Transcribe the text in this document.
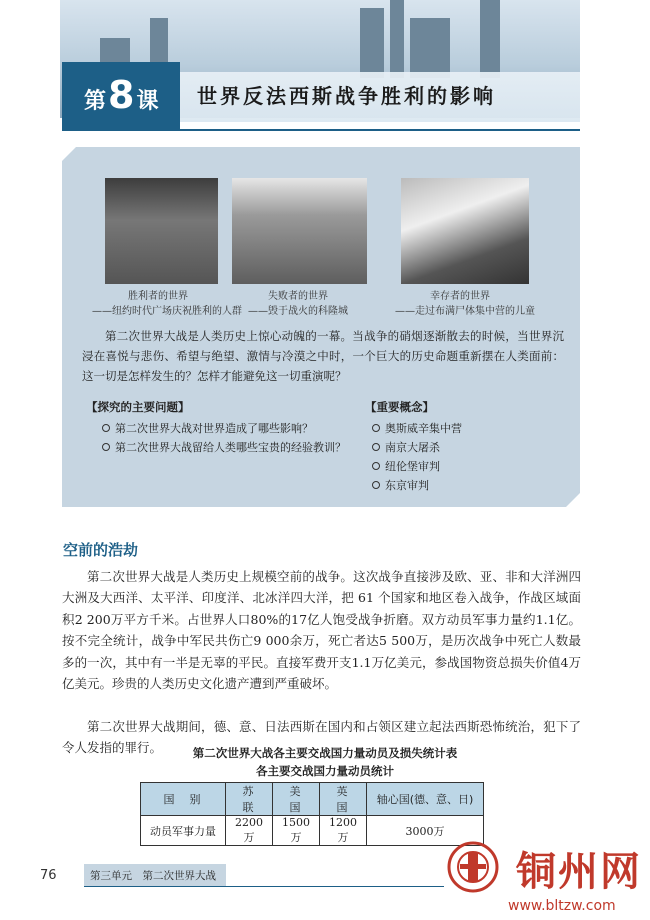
第 8 课 世界反法西斯战争胜利的影响
胜利者的世界
——纽约时代广场庆祝胜利的人群
失败者的世界
——毁于战火的科隆城
幸存者的世界
——走过布满尸体集中营的儿童
第二次世界大战是人类历史上惊心动魄的一幕。当战争的硝烟逐渐散去的时候，当世界沉浸在喜悦与悲伤、希望与绝望、激情与冷漠之中时，一个巨大的历史命题重新摆在人类面前：这一切是怎样发生的？怎样才能避免这一切重演呢？
【探究的主要问题】
第二次世界大战对世界造成了哪些影响？
第二次世界大战留给人类哪些宝贵的经验教训？
【重要概念】
奥斯威辛集中营
南京大屠杀
纽伦堡审判
东京审判
空前的浩劫
第二次世界大战是人类历史上规模空前的战争。这次战争直接涉及欧、亚、非和大洋洲四大洲及大西洋、太平洋、印度洋、北冰洋四大洋，把 61 个国家和地区卷入战争，作战区域面积2 200万平方千米。占世界人口80%的17亿人饱受战争折磨。双方动员军事力量约1.1亿。按不完全统计，战争中军民共伤亡9 000余万，死亡者达5 500万，是历次战争中死亡人数最多的一次，其中有一半是无辜的平民。直接军费开支1.1万亿美元，参战国物资总损失价值4万亿美元。珍贵的人类历史文化遗产遭到严重破坏。
第二次世界大战期间，德、意、日法西斯在国内和占领区建立起法西斯恐怖统治，犯下了令人发指的罪行。	第二次世界大战各主要交战国力量动员及损失统计表
各主要交战国力量动员统计
国　别	苏　联	美　国	英　国	轴心国(德、意、日)
动员军事力量	2200万	1500万	1200万	3000万
76	第三单元　第二次世界大战	铜州网
www.bltzw.com
